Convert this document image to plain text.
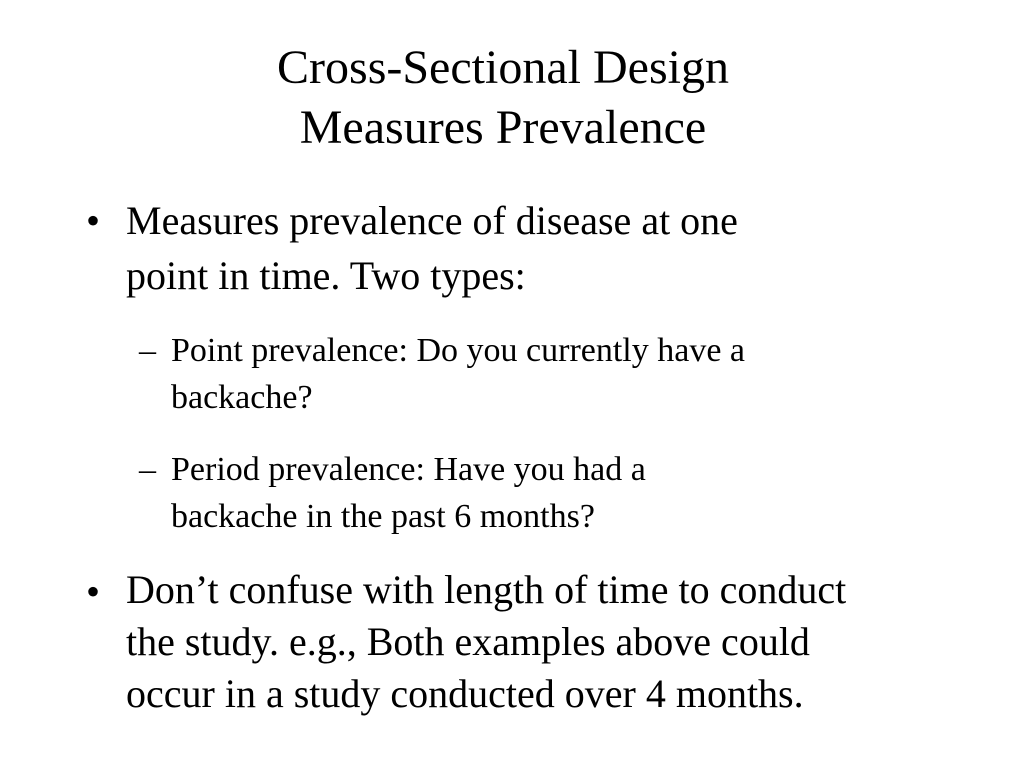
Cross-Sectional Design
Measures Prevalence
• Measures prevalence of disease at one
point in time. Two types:
– Point prevalence: Do you currently have a
backache?
– Period prevalence: Have you had a
backache in the past 6 months?
• Don’t confuse with length of time to conduct
the study. e.g., Both examples above could
occur in a study conducted over 4 months.
